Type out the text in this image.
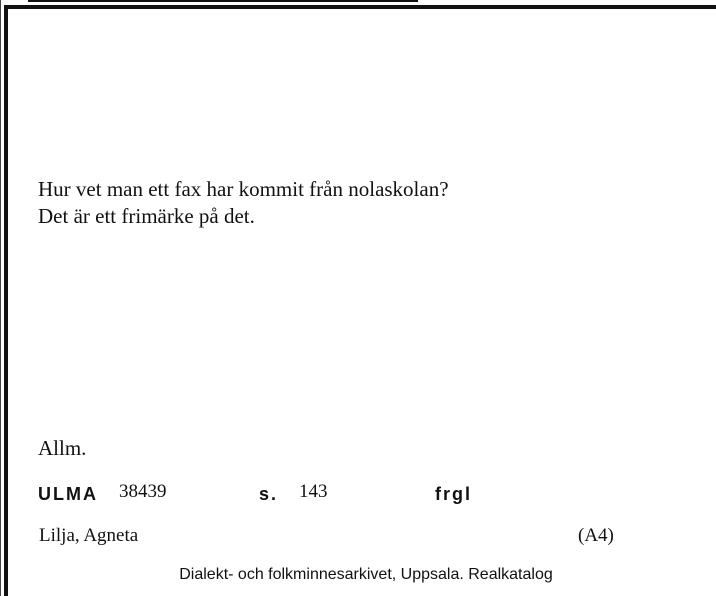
Hur vet man ett fax har kommit från nolaskolan?
Det är ett frimärke på det.
Allm.
ULMA 38439	s. 143	frgl
Lilja, Agneta	(A4)
Dialekt- och folkminnesarkivet, Uppsala. Realkatalog
